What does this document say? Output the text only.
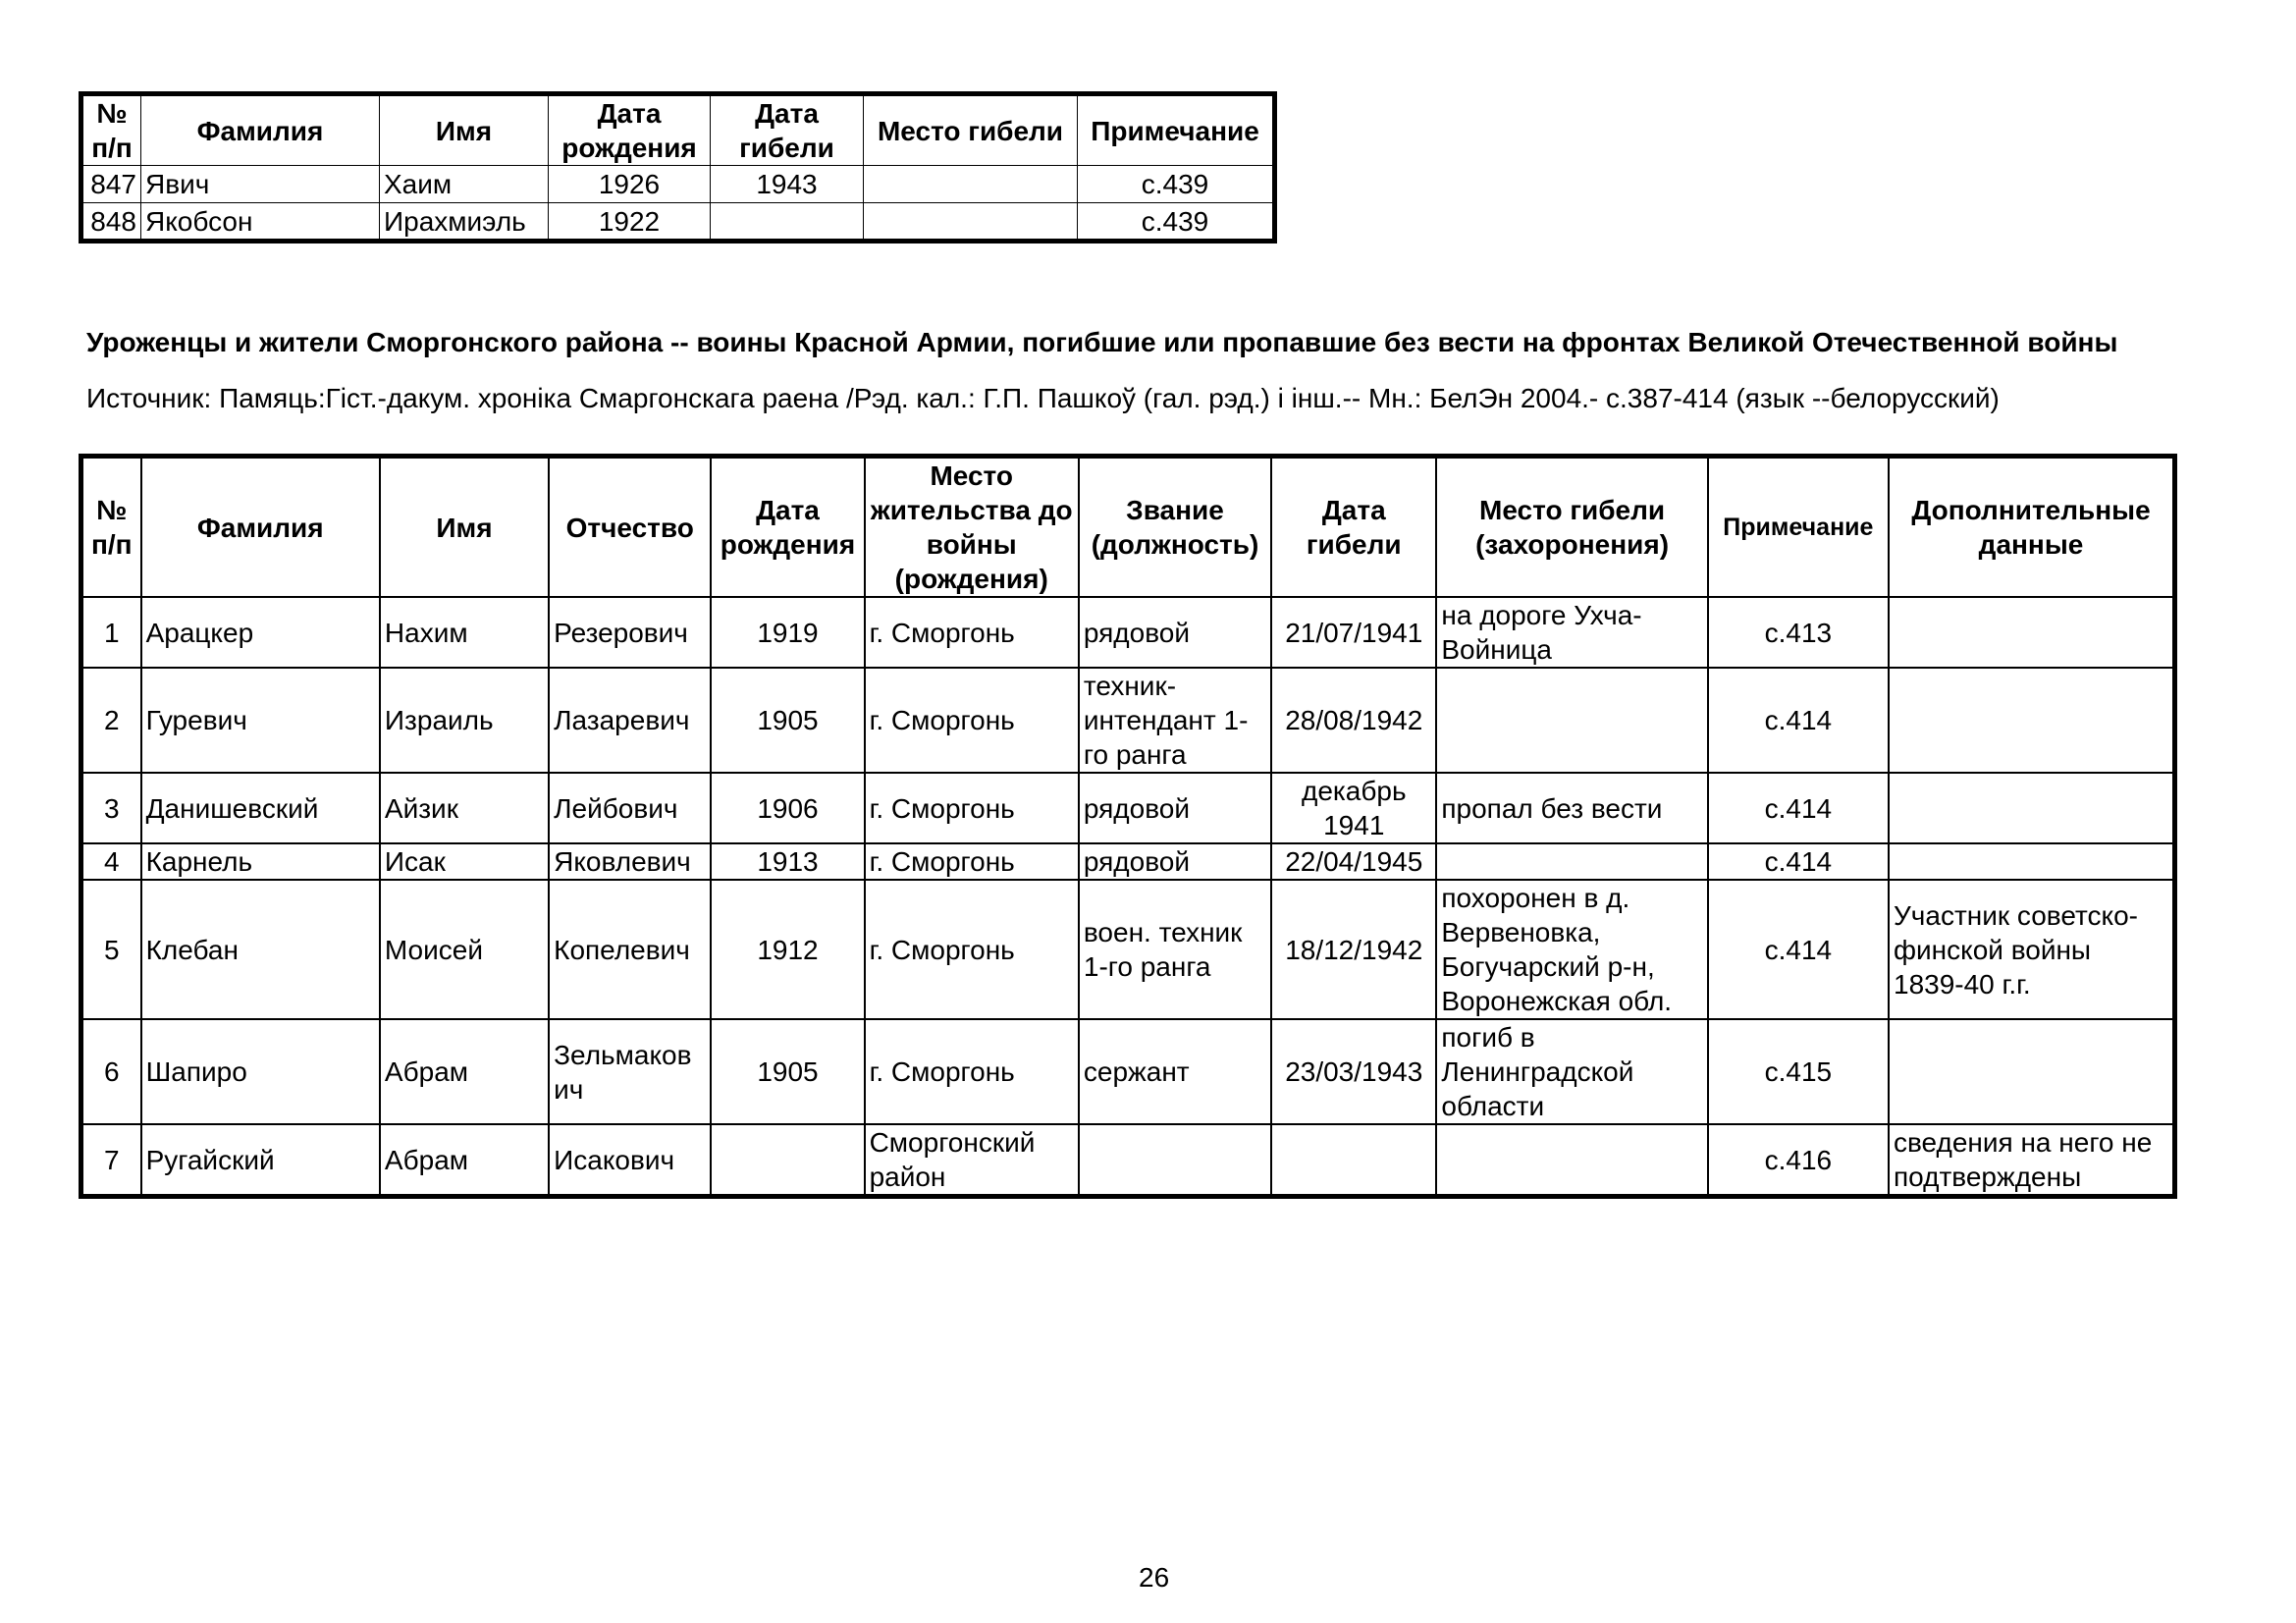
№ п/п	Фамилия	Имя	Дата рождения	Дата гибели	Место гибели	Примечание
847	Явич	Хаим	1926	1943		с.439
848	Якобсон	Ирахмиэль	1922			с.439
Уроженцы и жители Сморгонского района -- воины Красной Армии, погибшие или пропавшие без вести на фронтах Великой Отечественной войны
Источник: Памяць:Гіст.-дакум. хроніка Смаргонскага раена /Рэд. кал.: Г.П. Пашкоў (гал. рэд.) і інш.-- Мн.: БелЭн 2004.- с.387-414 (язык --белорусский)
№ п/п	Фамилия	Имя	Отчество	Дата рождения	Место жительства до войны (рождения)	Звание (должность)	Дата гибели	Место гибели (захоронения)	Примечание	Дополнительные данные
1	Арацкер	Нахим	Резерович	1919	г. Сморгонь	рядовой	21/07/1941	на дороге Ухча-Войница	с.413	
2	Гуревич	Израиль	Лазаревич	1905	г. Сморгонь	техник-интендант 1-го ранга	28/08/1942		с.414	
3	Данишевский	Айзик	Лейбович	1906	г. Сморгонь	рядовой	декабрь 1941	пропал без вести	с.414	
4	Карнель	Исак	Яковлевич	1913	г. Сморгонь	рядовой	22/04/1945		с.414	
5	Клебан	Моисей	Копелевич	1912	г. Сморгонь	воен. техник 1-го ранга	18/12/1942	похоронен в д. Вервеновка, Богучарский р-н, Воронежская обл.	с.414	Участник советско-финской войны 1839-40 г.г.
6	Шапиро	Абрам	Зельмакович	1905	г. Сморгонь	сержант	23/03/1943	погиб в Ленинградской области	с.415	
7	Ругайский	Абрам	Исакович		Сморгонский район				с.416	сведения на него не подтверждены
26
